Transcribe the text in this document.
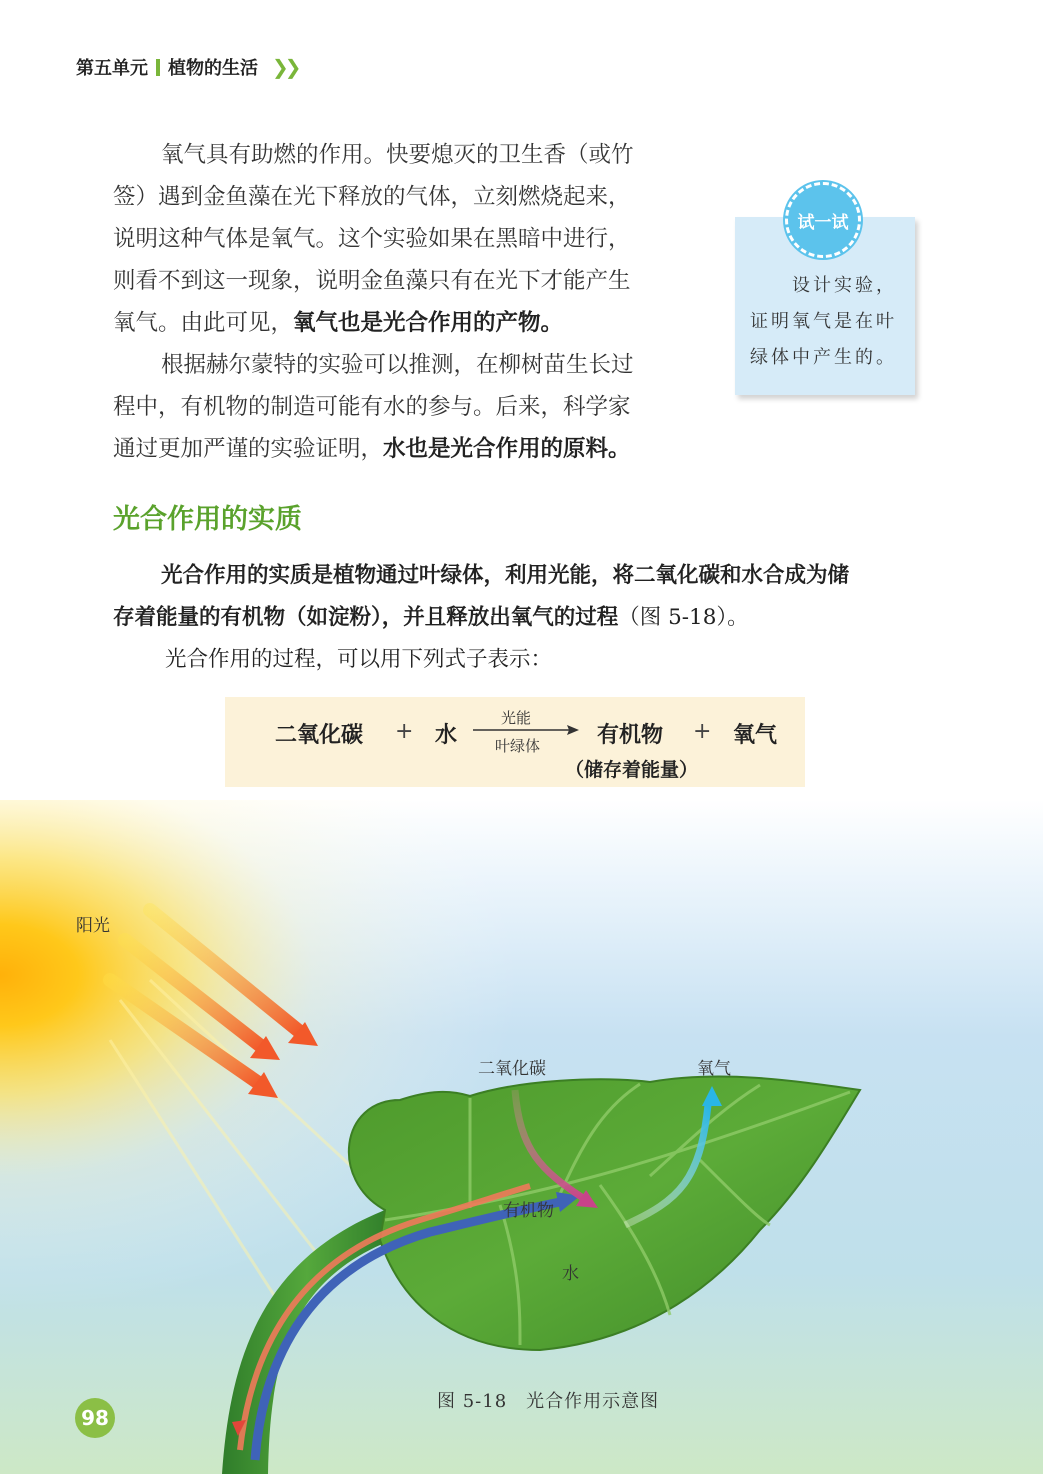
第五单元 植物的生活 ❯❯
氧气具有助燃的作用。快要熄灭的卫生香（或竹
签）遇到金鱼藻在光下释放的气体，立刻燃烧起来，
说明这种气体是氧气。这个实验如果在黑暗中进行，
则看不到这一现象，说明金鱼藻只有在光下才能产生
氧气。由此可见，氧气也是光合作用的产物。
根据赫尔蒙特的实验可以推测，在柳树苗生长过
程中，有机物的制造可能有水的参与。后来，科学家
通过更加严谨的实验证明，水也是光合作用的原料。
试一试
设计实验，
证明氧气是在叶
绿体中产生的。
光合作用的实质
光合作用的实质是植物通过叶绿体，利用光能，将二氧化碳和水合成为储
存着能量的有机物（如淀粉），并且释放出氧气的过程（图 5-18）。
光合作用的过程，可以用下列式子表示：
二氧化碳 + 水
光能
叶绿体	有机物 + 氧气
（储存着能量）
阳光
二氧化碳	氧气
有机物
水
图 5-18　光合作用示意图
98
